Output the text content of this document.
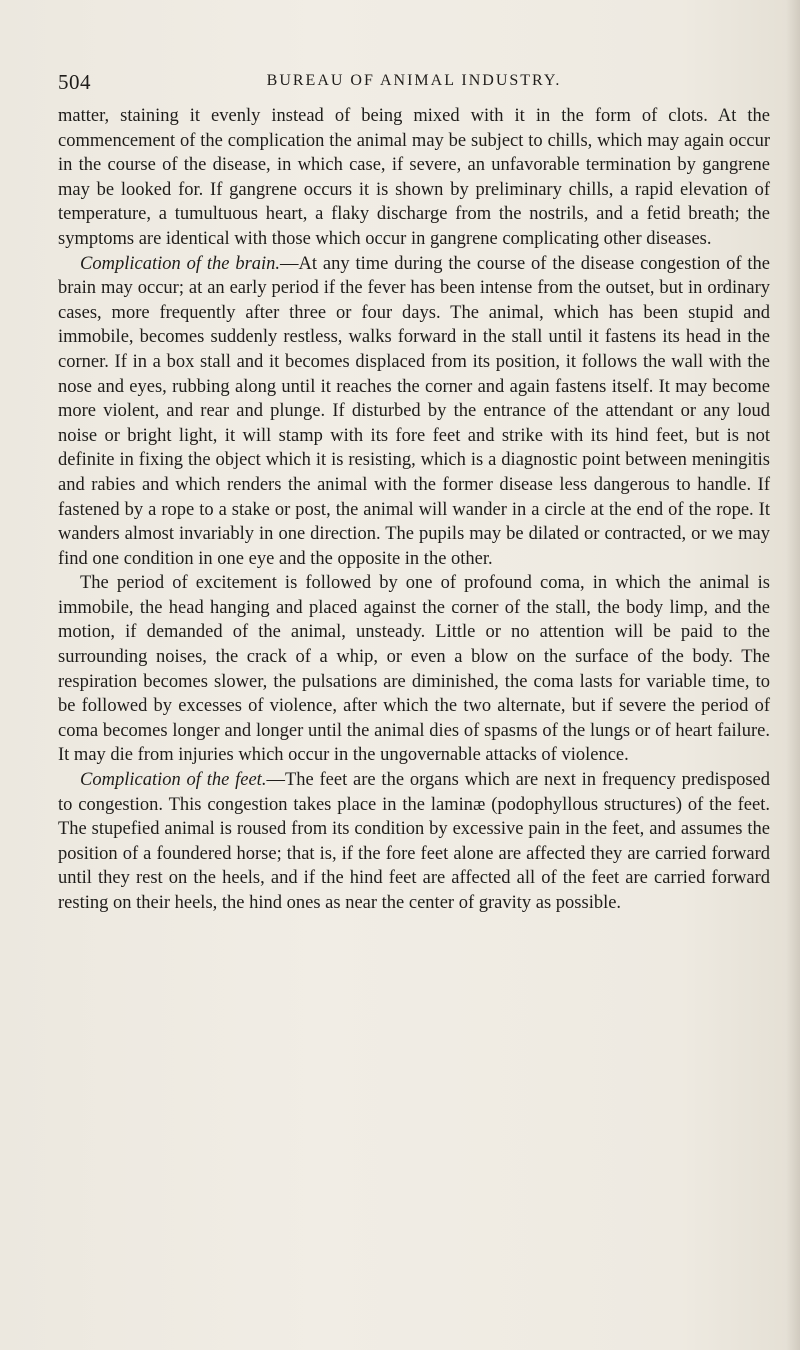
504	BUREAU OF ANIMAL INDUSTRY.

matter, staining it evenly instead of being mixed with it in the form of clots. At the commencement of the complication the animal may be subject to chills, which may again occur in the course of the disease, in which case, if severe, an unfavorable termination by gangrene may be looked for. If gangrene occurs it is shown by preliminary chills, a rapid elevation of temperature, a tumultuous heart, a flaky discharge from the nostrils, and a fetid breath; the symptoms are identical with those which occur in gangrene complicating other diseases.

Complication of the brain.—At any time during the course of the disease congestion of the brain may occur; at an early period if the fever has been intense from the outset, but in ordinary cases, more frequently after three or four days. The animal, which has been stupid and immobile, becomes suddenly restless, walks forward in the stall until it fastens its head in the corner. If in a box stall and it becomes displaced from its position, it follows the wall with the nose and eyes, rubbing along until it reaches the corner and again fastens itself. It may become more violent, and rear and plunge. If disturbed by the entrance of the attendant or any loud noise or bright light, it will stamp with its fore feet and strike with its hind feet, but is not definite in fixing the object which it is resisting, which is a diagnostic point between meningitis and rabies and which renders the animal with the former disease less dangerous to handle. If fastened by a rope to a stake or post, the animal will wander in a circle at the end of the rope. It wanders almost invariably in one direction. The pupils may be dilated or contracted, or we may find one condition in one eye and the opposite in the other.

The period of excitement is followed by one of profound coma, in which the animal is immobile, the head hanging and placed against the corner of the stall, the body limp, and the motion, if demanded of the animal, unsteady. Little or no attention will be paid to the surrounding noises, the crack of a whip, or even a blow on the surface of the body. The respiration becomes slower, the pulsations are diminished, the coma lasts for variable time, to be followed by excesses of violence, after which the two alternate, but if severe the period of coma becomes longer and longer until the animal dies of spasms of the lungs or of heart failure. It may die from injuries which occur in the ungovernable attacks of violence.

Complication of the feet.—The feet are the organs which are next in frequency predisposed to congestion. This congestion takes place in the laminæ (podophyllous structures) of the feet. The stupefied animal is roused from its condition by excessive pain in the feet, and assumes the position of a foundered horse; that is, if the fore feet alone are affected they are carried forward until they rest on the heels, and if the hind feet are affected all of the feet are carried forward resting on their heels, the hind ones as near the center of gravity as possible.
